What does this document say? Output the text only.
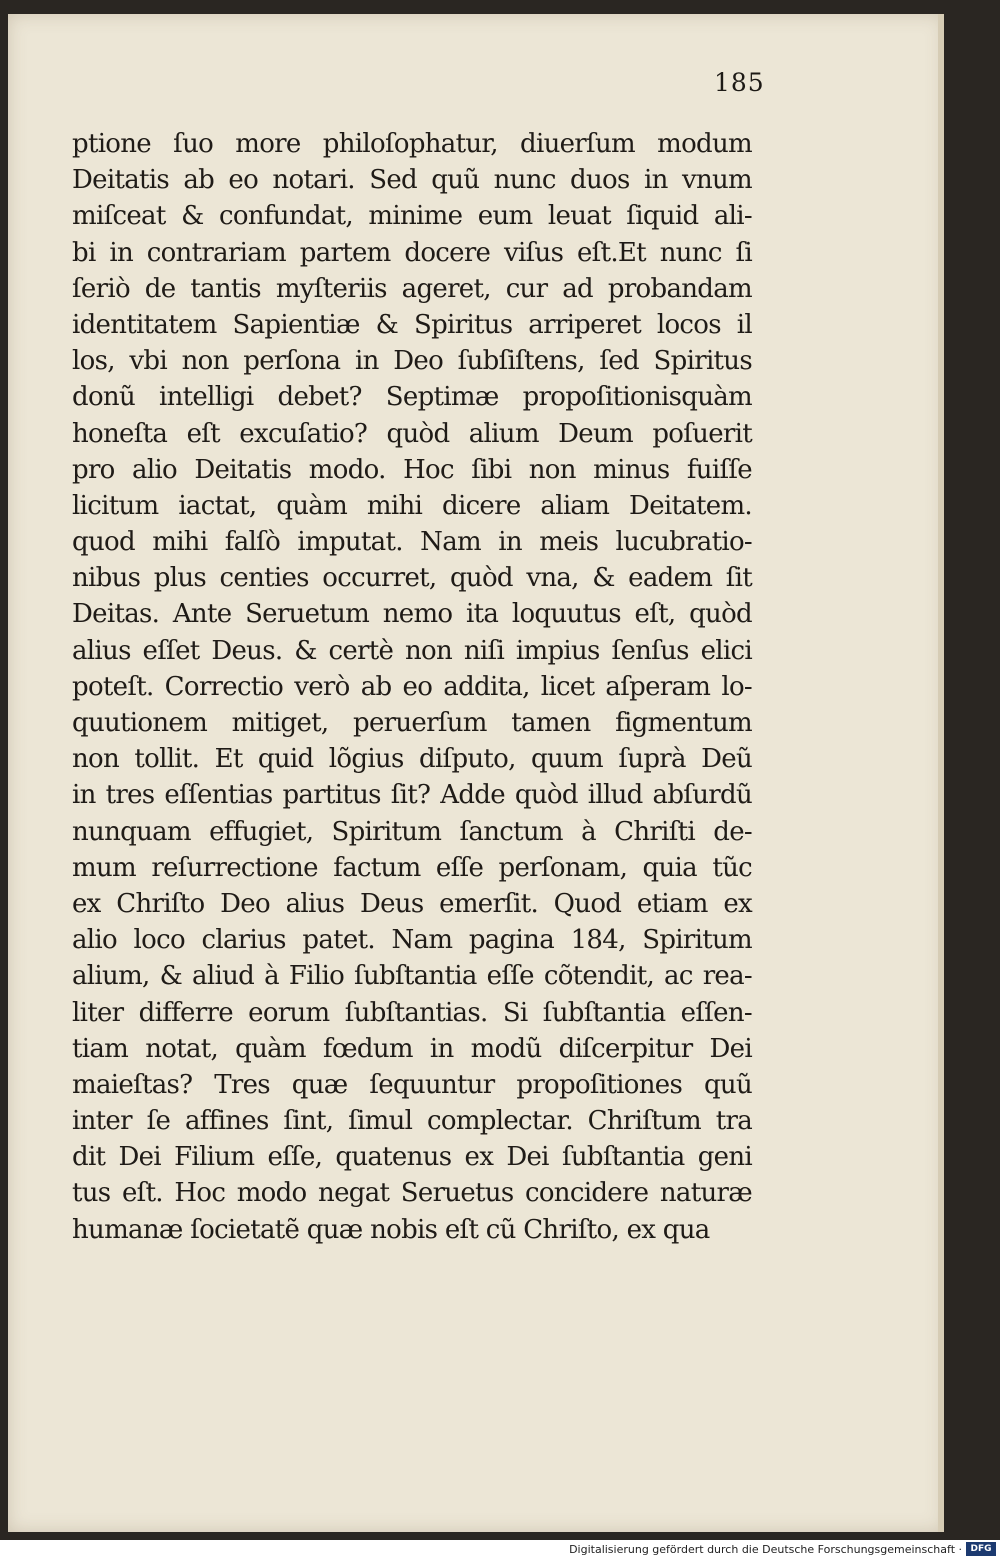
185
ptione ſuo more philoſophatur, diuerſum modum
Deitatis ab eo notari. Sed quũ nunc duos in vnum
miſceat & confundat, minime eum leuat ſiquid ali-
bi in contrariam partem docere viſus eſt.Et nunc ſi
ſeriò de tantis myſteriis ageret, cur ad probandam
identitatem Sapientiæ & Spiritus arriperet locos il
los, vbi non perſona in Deo ſubſiſtens, ſed Spiritus
donũ intelligi debet? Septimæ propoſitionisquàm
honeſta eſt excuſatio? quòd alium Deum poſuerit
pro alio Deitatis modo. Hoc ſibi non minus fuiſſe
licitum iactat, quàm mihi dicere aliam Deitatem.
quod mihi falſò imputat. Nam in meis lucubratio-
nibus plus centies occurret, quòd vna, & eadem ſit
Deitas. Ante Seruetum nemo ita loquutus eſt, quòd
alius eſſet Deus. & certè non niſi impius ſenſus elici
poteſt. Correctio verò ab eo addita, licet aſperam lo-
quutionem mitiget, peruerſum tamen figmentum
non tollit. Et quid lõgius diſputo, quum ſuprà Deũ
in tres eſſentias partitus ſit? Adde quòd illud abſurdũ
nunquam effugiet, Spiritum ſanctum à Chriſti de-
mum reſurrectione factum eſſe perſonam, quia tũc
ex Chriſto Deo alius Deus emerſit. Quod etiam ex
alio loco clarius patet. Nam pagina 184, Spiritum
alium, & aliud à Filio ſubſtantia eſſe cõtendit, ac rea-
liter differre eorum ſubſtantias. Si ſubſtantia eſſen-
tiam notat, quàm fœdum in modũ diſcerpitur Dei
maieſtas? Tres quæ ſequuntur propoſitiones quũ
inter ſe affines ſint, ſimul complectar. Chriſtum tra
dit Dei Filium eſſe, quatenus ex Dei ſubſtantia geni
tus eſt. Hoc modo negat Seruetus concidere naturæ
humanæ ſocietatẽ quæ nobis eſt cũ Chriſto, ex qua
Digitalisierung gefördert durch die Deutsche Forschungsgemeinschaft · DFG
